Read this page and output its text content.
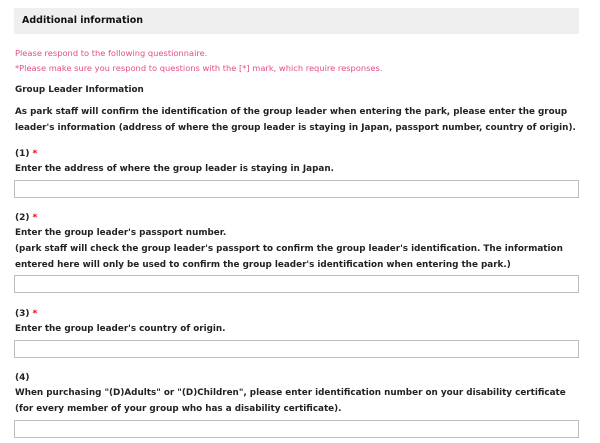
Additional information
Please respond to the following questionnaire.
*Please make sure you respond to questions with the [*] mark, which require responses.
Group Leader Information
As park staff will confirm the identification of the group leader when entering the park, please enter the group leader's information (address of where the group leader is staying in Japan, passport number, country of origin).
(1) *
Enter the address of where the group leader is staying in Japan.
(2) *
Enter the group leader's passport number.
(park staff will check the group leader's passport to confirm the group leader's identification. The information entered here will only be used to confirm the group leader's identification when entering the park.)
(3) *
Enter the group leader's country of origin.
(4)
When purchasing "(D)Adults" or "(D)Children", please enter identification number on your disability certificate (for every member of your group who has a disability certificate).
